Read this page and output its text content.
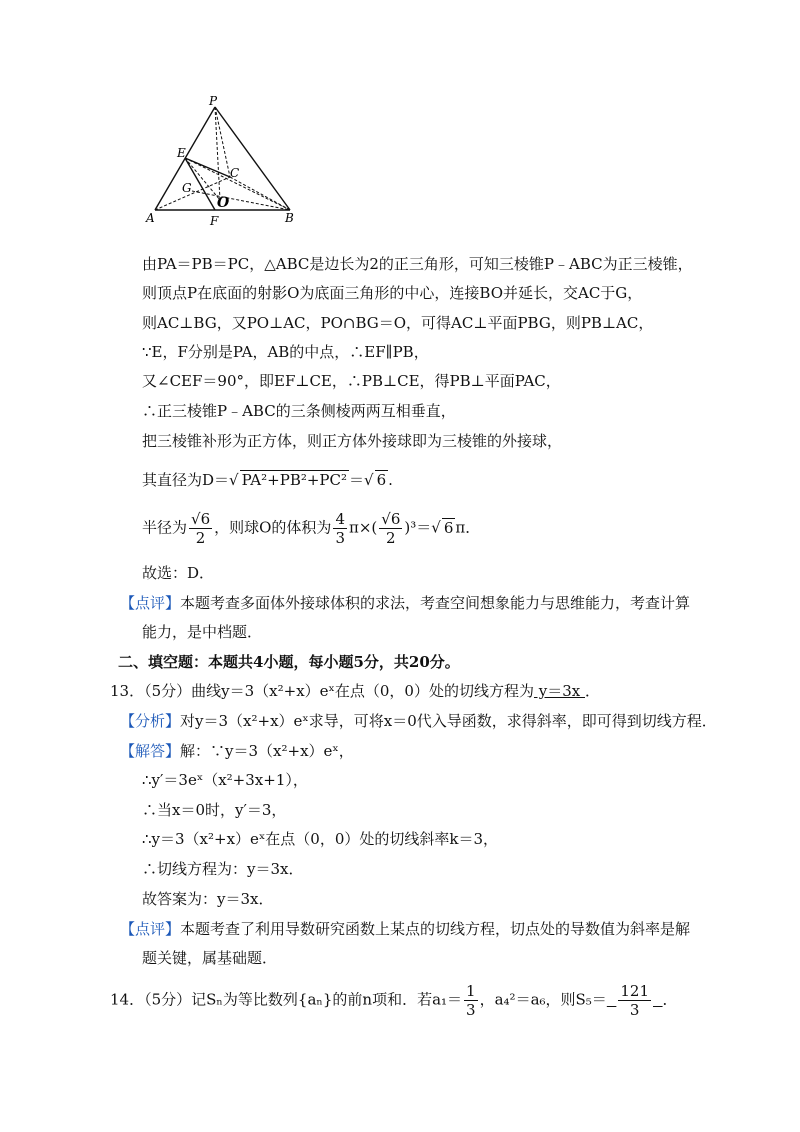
P
E
C
G
O
A	F	B
由PA＝PB＝PC，△ABC是边长为2的正三角形，可知三棱锥P﹣ABC为正三棱锥，
则顶点P在底面的射影O为底面三角形的中心，连接BO并延长，交AC于G，
则AC⊥BG，又PO⊥AC，PO∩BG＝O，可得AC⊥平面PBG，则PB⊥AC，
∵E，F分别是PA，AB的中点，∴EF∥PB，
又∠CEF＝90°，即EF⊥CE，∴PB⊥CE，得PB⊥平面PAC，
∴正三棱锥P﹣ABC的三条侧棱两两互相垂直，
把三棱锥补形为正方体，则正方体外接球即为三棱锥的外接球，
其直径为D＝√ PA²+PB²+PC² ＝√ 6 .
半径为 $\frac{√6}{2}$ ，则球O的体积为 $\frac{4}{3} \pi\times( \frac{√6}{2} )^3=√$ 6 π．
故选：D．
【点评】本题考查多面体外接球体积的求法，考查空间想象能力与思维能力，考查计算
能力，是中档题．
二、填空题：本题共4小题，每小题5分，共20分。
13．（5分）曲线y＝3（x²+x）eˣ在点（0，0）处的切线方程为 y＝3x ．
【分析】对y＝3（x²+x）eˣ求导，可将x＝0代入导函数，求得斜率，即可得到切线方程．
【解答】解：∵y＝3（x²+x）eˣ，
∴y′＝3eˣ（x²+3x+1），
∴当x＝0时，y′＝3，
∴y＝3（x²+x）eˣ在点（0，0）处的切线斜率k＝3，
∴切线方程为：y＝3x．
故答案为：y＝3x．
【点评】本题考查了利用导数研究函数上某点的切线方程，切点处的导数值为斜率是解
题关键，属基础题．
14．（5分）记Sₙ为等比数列{aₙ}的前n项和．若$a_1= \frac{1}{3}$ ，a₄²＝a₆，则$S_5= \frac{121}{3}$ ．
